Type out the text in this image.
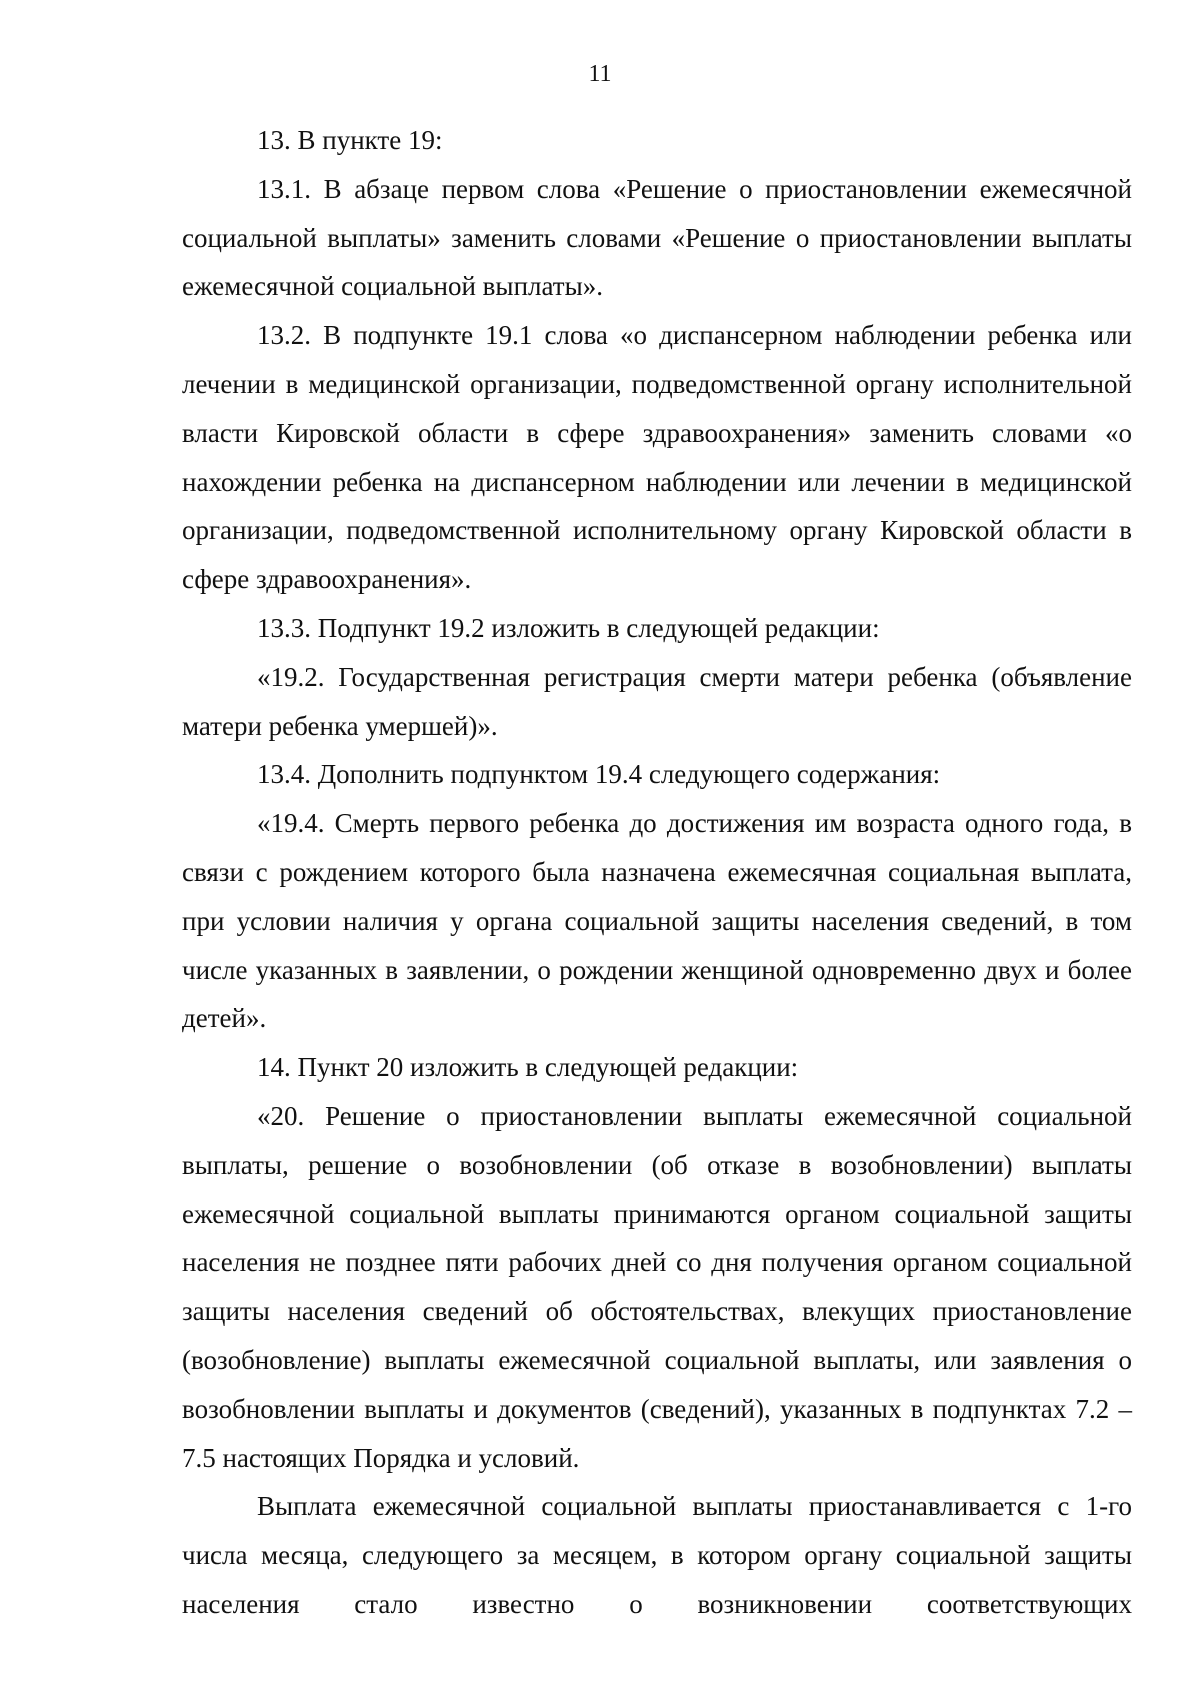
11

13. В пункте 19:

13.1. В абзаце первом слова «Решение о приостановлении ежемесячной социальной выплаты» заменить словами «Решение о приостановлении выплаты ежемесячной социальной выплаты».

13.2. В подпункте 19.1 слова «о диспансерном наблюдении ребенка или лечении в медицинской организации, подведомственной органу исполнительной власти Кировской области в сфере здравоохранения» заменить словами «о нахождении ребенка на диспансерном наблюдении или лечении в медицинской организации, подведомственной исполнительному органу Кировской области в сфере здравоохранения».

13.3. Подпункт 19.2 изложить в следующей редакции:

«19.2. Государственная регистрация смерти матери ребенка (объявление матери ребенка умершей)».

13.4. Дополнить подпунктом 19.4 следующего содержания:

«19.4. Смерть первого ребенка до достижения им возраста одного года, в связи с рождением которого была назначена ежемесячная социальная выплата, при условии наличия у органа социальной защиты населения сведений, в том числе указанных в заявлении, о рождении женщиной одновременно двух и более детей».

14. Пункт 20 изложить в следующей редакции:

«20. Решение о приостановлении выплаты ежемесячной социальной выплаты, решение о возобновлении (об отказе в возобновлении) выплаты ежемесячной социальной выплаты принимаются органом социальной защиты населения не позднее пяти рабочих дней со дня получения органом социальной защиты населения сведений об обстоятельствах, влекущих приостановление (возобновление) выплаты ежемесячной социальной выплаты, или заявления о возобновлении выплаты и документов (сведений), указанных в подпунктах 7.2 – 7.5 настоящих Порядка и условий.

Выплата ежемесячной социальной выплаты приостанавливается с 1-го числа месяца, следующего за месяцем, в котором органу социальной защиты населения стало известно о возникновении соответствующих
